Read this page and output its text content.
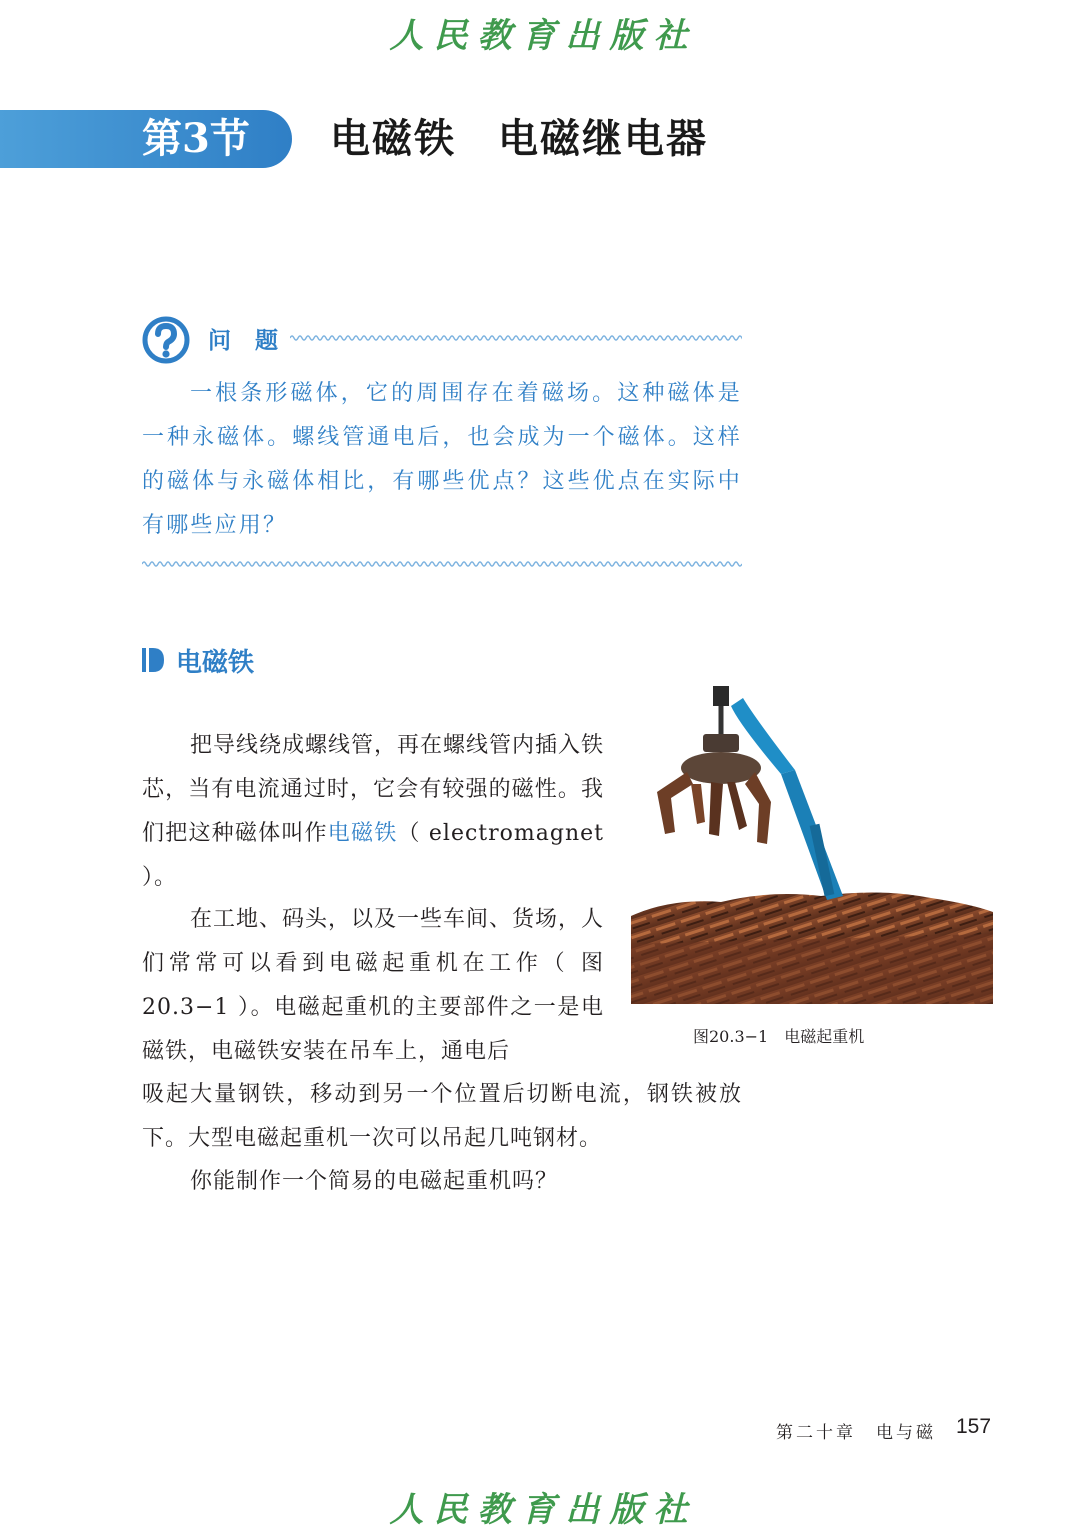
人民教育出版社
第3节 电磁铁　电磁继电器
问 题
一根条形磁体，它的周围存在着磁场。这种磁体是一种永磁体。螺线管通电后，也会成为一个磁体。这样的磁体与永磁体相比，有哪些优点？这些优点在实际中有哪些应用？
电磁铁
把导线绕成螺线管，再在螺线管内插入铁芯，当有电流通过时，它会有较强的磁性。我们把这种磁体叫作电磁铁（ electromagnet ）。
在工地、码头，以及一些车间、货场，人们常常可以看到电磁起重机在工作（ 图20.3−1 ）。电磁起重机的主要部件之一是电磁铁，电磁铁安装在吊车上，通电后
图20.3−1　电磁起重机
吸起大量钢铁，移动到另一个位置后切断电流，钢铁被放下。大型电磁起重机一次可以吊起几吨钢材。
你能制作一个简易的电磁起重机吗？
第二十章　电与磁 157
人民教育出版社
